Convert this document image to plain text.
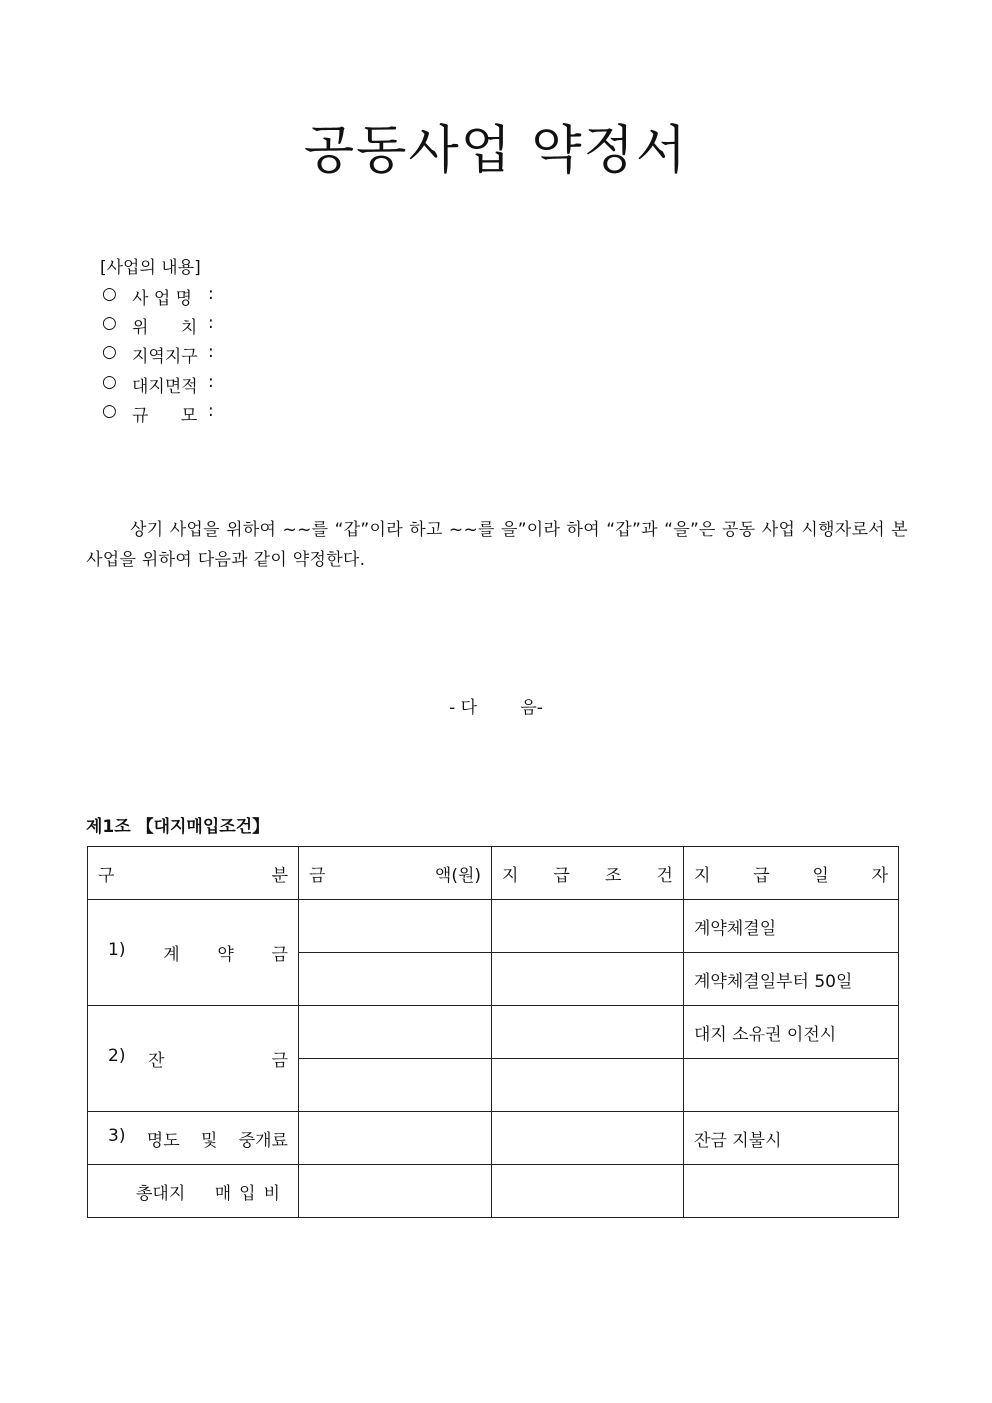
공동사업 약정서
[사업의 내용]
○ 사 업 명 :
○ 위      치 :
○ 지역지구 :
○ 대지면적 :
○ 규      모 :
상기 사업을 위하여 ~~를 “갑”이라 하고 ~~를 을”이라 하여 “갑”과 “을”은 공동 사업 시행자로서 본 사업을 위하여 다음과 같이 약정한다.
- 다        음-
제1조 【대지매입조건】
구 분	금 액(원)	지 급 조 건	지 급 일 자

1) 계 약 금			계약체결일
			계약체결일부터 50일

2) 잔 금			대지 소유권 이전시

3) 명도 및 중개료			잔금 지불시

총대지 매입비			
